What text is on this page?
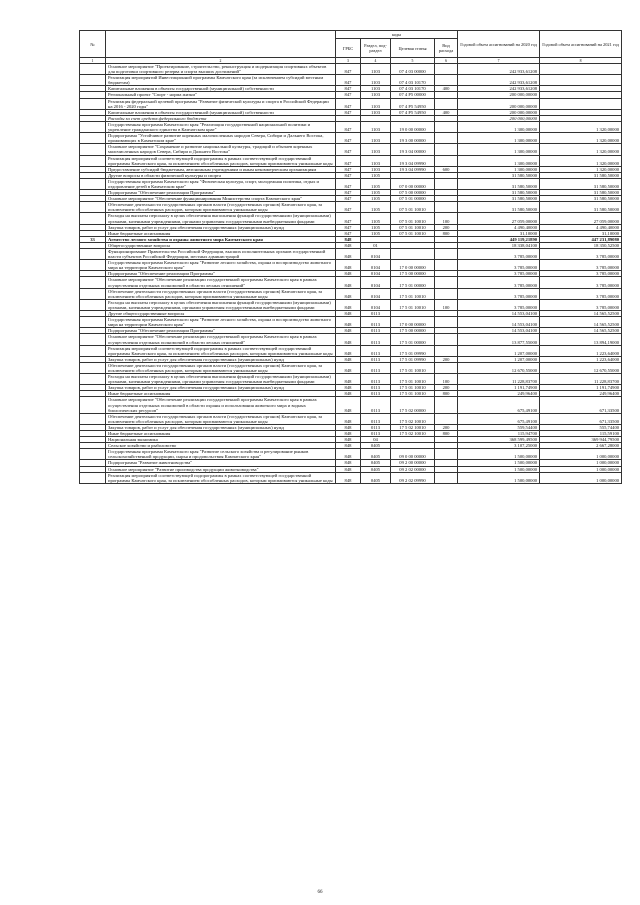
№		коды				Годовой объем ассигнований на 2020 год	Годовой объем ассигнований на 2021 год
		ГРБС	Раздел, под-раздел	Целевая статья	Вид расхода		
1	2	3	4	5	6	7	8
	Основное мероприятие "Проектирование, строительство, реконструкция и модернизация спортивных объектов для подготовки спортивного резерва и спорта высших достижений"	847	1103	07 4 03 00000		242 933,61208	
	Реализация мероприятий Инвестиционной программы Камчатского края (за исключением субсидий местным бюджетам)	847	1103	07 4 03 10170		242 933,61208	
	Капитальные вложения в объекты государственной (муниципальной) собственности	847	1103	07 4 03 10170	400	242 933,61208	
	Региональный проект "Спорт - норма жизни"	847	1103	07 4 P5 00000		200 000,00000	
	Реализация федеральной целевой программы "Развитие физической культуры и спорта в Российской Федерации на 2016 - 2020 годы"	847	1103	07 4 P5 54950		200 000,00000	
	Капитальные вложения в объекты государственной (муниципальной) собственности	847	1103	07 4 P5 54950	400	200 000,00000	
	Расходы за счет средств федерального бюджета					200 000,00000	
	Государственная программа Камчатского края "Реализация государственной национальной политики и укрепление гражданского единства в Камчатском крае"	847	1103	19 0 00 00000		1 300,00000	1 320,00000
	Подпрограмма "Устойчивое развитие коренных малочисленных народов Севера, Сибири и Дальнего Востока, проживающих в Камчатском крае"	847	1103	19 3 00 00000		1 300,00000	1 320,00000
	Основное мероприятие "Сохранение и развитие национальной культуры, традиций и обычаев коренных малочисленных народов Севера, Сибири и Дальнего Востока"	847	1103	19 3 04 00000		1 300,00000	1 320,00000
	Реализация мероприятий соответствующей подпрограммы в рамках соответствующей государственной программы Камчатского края, за исключением обособленных расходов, которым присваиваются уникальные коды	847	1103	19 3 04 09990		1 300,00000	1 320,00000
	Предоставление субсидий бюджетным, автономным учреждениям и иным некоммерческим организациям	847	1103	19 3 04 09990	600	1 300,00000	1 320,00000
	Другие вопросы в области физической культуры и спорта	847	1105			31 580,50000	31 580,50000
	Государственная программа Камчатского края "Физическая культура, спорт, молодежная политика, отдых и оздоровление детей в Камчатском крае"	847	1105	07 0 00 00000		31 580,50000	31 580,50000
	Подпрограмма "Обеспечение реализации Программы"	847	1105	07 5 00 00000		31 580,50000	31 580,50000
	Основное мероприятие "Обеспечение функционирования Министерства спорта Камчатского края"	847	1105	07 5 01 00000		31 580,50000	31 580,50000
	Обеспечение деятельности государственных органов власти (государственных органов) Камчатского края, за исключением обособленных расходов, которым присваиваются уникальные коды	847	1105	07 5 01 10010		31 580,50000	31 580,50000
	Расходы на выплаты персоналу в целях обеспечения выполнения функций государственными (муниципальными) органами, казенными учреждениями, органами управления государственными внебюджетными фондами	847	1105	07 5 01 10010	100	27 059,00000	27 059,00000
	Закупка товаров, работ и услуг для обеспечения государственных (муниципальных) нужд	847	1105	07 5 01 10010	200	4 490,40000	4 490,40000
	Иные бюджетные ассигнования	847	1105	07 5 01 10010	800	31,10000	31,10000
33	Агентство лесного хозяйства и охраны животного мира Камчатского края	848				449 119,21890	447 231,89080
	Общегосударственные вопросы	848	01			18 338,04100	18 350,52500
	Функционирование Правительства Российской Федерации, высших исполнительных органов государственной власти субъектов Российской Федерации, местных администраций	848	0104			3 785,00000	3 785,00000
	Государственная программа Камчатского края "Развитие лесного хозяйства, охрана и воспроизводство животного мира на территории Камчатского края"	848	0104	17 0 00 00000		3 785,00000	3 785,00000
	Подпрограмма "Обеспечение реализации Программы"	848	0104	17 5 00 00000		3 785,00000	3 785,00000
	Основное мероприятие "Обеспечение реализации государственной программы Камчатского края в рамках осуществления отдельных полномочий в области лесных отношений"	848	0104	17 5 01 00000		3 785,00000	3 785,00000
	Обеспечение деятельности государственных органов власти (государственных органов) Камчатского края, за исключением обособленных расходов, которым присваиваются уникальные коды	848	0104	17 5 01 10010		3 785,00000	3 785,00000
	Расходы на выплаты персоналу в целях обеспечения выполнения функций государственными (муниципальными) органами, казенными учреждениями, органами управления государственными внебюджетными фондами	848	0104	17 5 01 10010	100	3 785,00000	3 785,00000
	Другие общегосударственные вопросы	848	0113			14 553,04100	14 565,52500
	Государственная программа Камчатского края "Развитие лесного хозяйства, охрана и воспроизводство животного мира на территории Камчатского края"	848	0113	17 0 00 00000		14 553,04100	14 565,52500
	Подпрограмма "Обеспечение реализации Программы"	848	0113	17 5 00 00000		14 553,04100	14 565,52500
	Основное мероприятие "Обеспечение реализации государственной программы Камчатского края в рамках осуществления отдельных полномочий в области лесных отношений"	848	0113	17 5 01 00000		13 877,55000	13 894,19000
	Реализация мероприятий соответствующей подпрограммы в рамках соответствующей государственной программы Камчатского края, за исключением обособленных расходов, которым присваиваются уникальные коды	848	0113	17 5 01 09990		1 207,00000	1 223,64000
	Закупка товаров, работ и услуг для обеспечения государственных (муниципальных) нужд	848	0113	17 5 01 09990	200	1 207,00000	1 223,64000
	Обеспечение деятельности государственных органов власти (государственных органов) Камчатского края, за исключением обособленных расходов, которым присваиваются уникальные коды	848	0113	17 5 01 10010		12 670,55000	12 670,55000
	Расходы на выплаты персоналу в целях обеспечения выполнения функций государственными (муниципальными) органами, казенными учреждениями, органами управления государственными внебюджетными фондами	848	0113	17 5 01 10010	100	11 228,83700	11 228,83700
	Закупка товаров, работ и услуг для обеспечения государственных (муниципальных) нужд	848	0113	17 5 01 10010	200	1 191,74900	1 191,74900
	Иные бюджетные ассигнования	848	0113	17 5 01 10010	800	249,96400	249,96400
	Основное мероприятие "Обеспечение реализации государственной программы Камчатского края в рамках осуществления отдельных полномочий в области охраны и использования животного мира и водных биологических ресурсов"	848	0113	17 5 02 00000		675,49100	671,33500
	Обеспечение деятельности государственных органов власти (государственных органов) Камчатского края, за исключением обособленных расходов, которым присваиваются уникальные коды	848	0113	17 5 02 10010		675,49100	671,33500
	Закупка товаров, работ и услуг для обеспечения государственных (муниципальных) нужд	848	0113	17 5 02 10010	200	559,54400	555,74400
	Иные бюджетные ассигнования	848	0113	17 5 02 10010	800	115,94700	115,59100
	Национальная экономика	848	04			368 599,49500	369 944,79500
	Сельское хозяйство и рыболовство	848	0405			3 107,25000	2 667,28000
	Государственная программа Камчатского края "Развитие сельского хозяйства и регулирование рынков сельскохозяйственной продукции, сырья и продовольствия Камчатского края"	848	0405	09 0 00 00000		1 500,00000	1 000,00000
	Подпрограмма "Развитие животноводства"	848	0405	09 2 00 00000		1 500,00000	1 000,00000
	Основное мероприятие "Развитие производства продукции животноводства"	848	0405	09 2 02 00000		1 500,00000	1 000,00000
	Реализация мероприятий соответствующей подпрограммы в рамках соответствующей государственной программы Камчатского края, за исключением обособленных расходов, которым присваиваются уникальные коды	848	0405	09 2 02 09990		1 500,00000	1 000,00000
66
